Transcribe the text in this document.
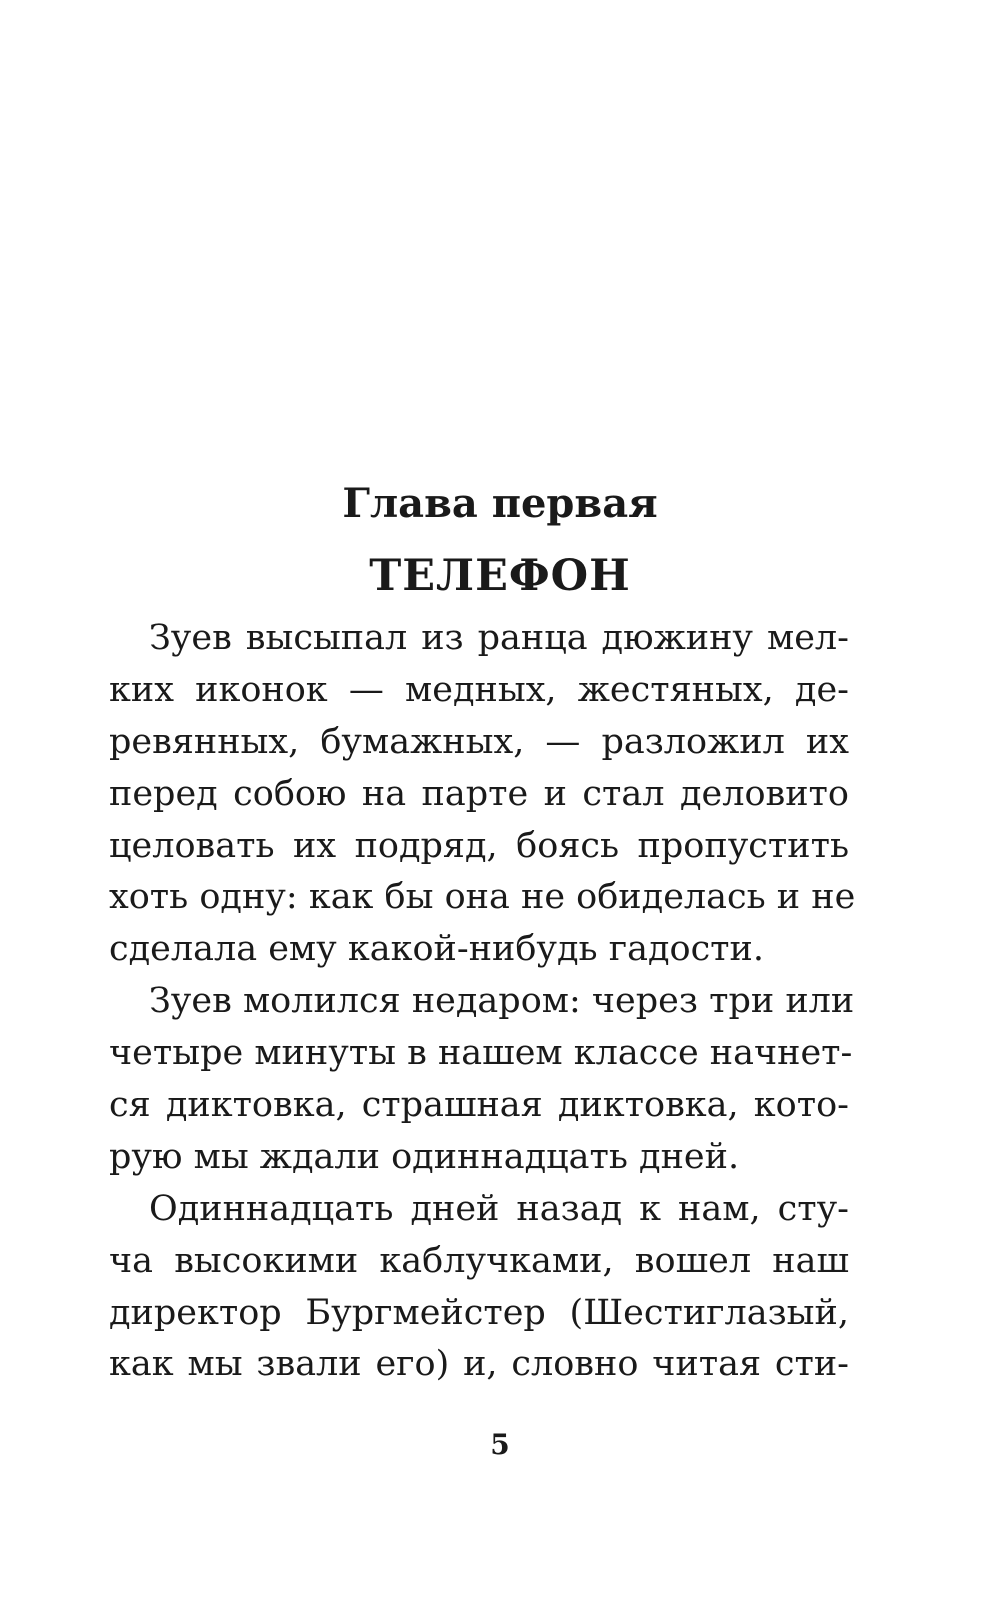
Глава первая
ТЕЛЕФОН
Зуев высыпал из ранца дюжину мел-
ких иконок — медных, жестяных, де-
ревянных, бумажных, — разложил их
перед собою на парте и стал деловито
целовать их подряд, боясь пропустить
хоть одну: как бы она не обиделась и не
сделала ему какой-нибудь гадости.
Зуев молился недаром: через три или
четыре минуты в нашем классе начнет-
ся диктовка, страшная диктовка, кото-
рую мы ждали одиннадцать дней.
Одиннадцать дней назад к нам, сту-
ча высокими каблучками, вошел наш
директор Бургмейстер (Шестиглазый,
как мы звали его) и, словно читая сти-

5
